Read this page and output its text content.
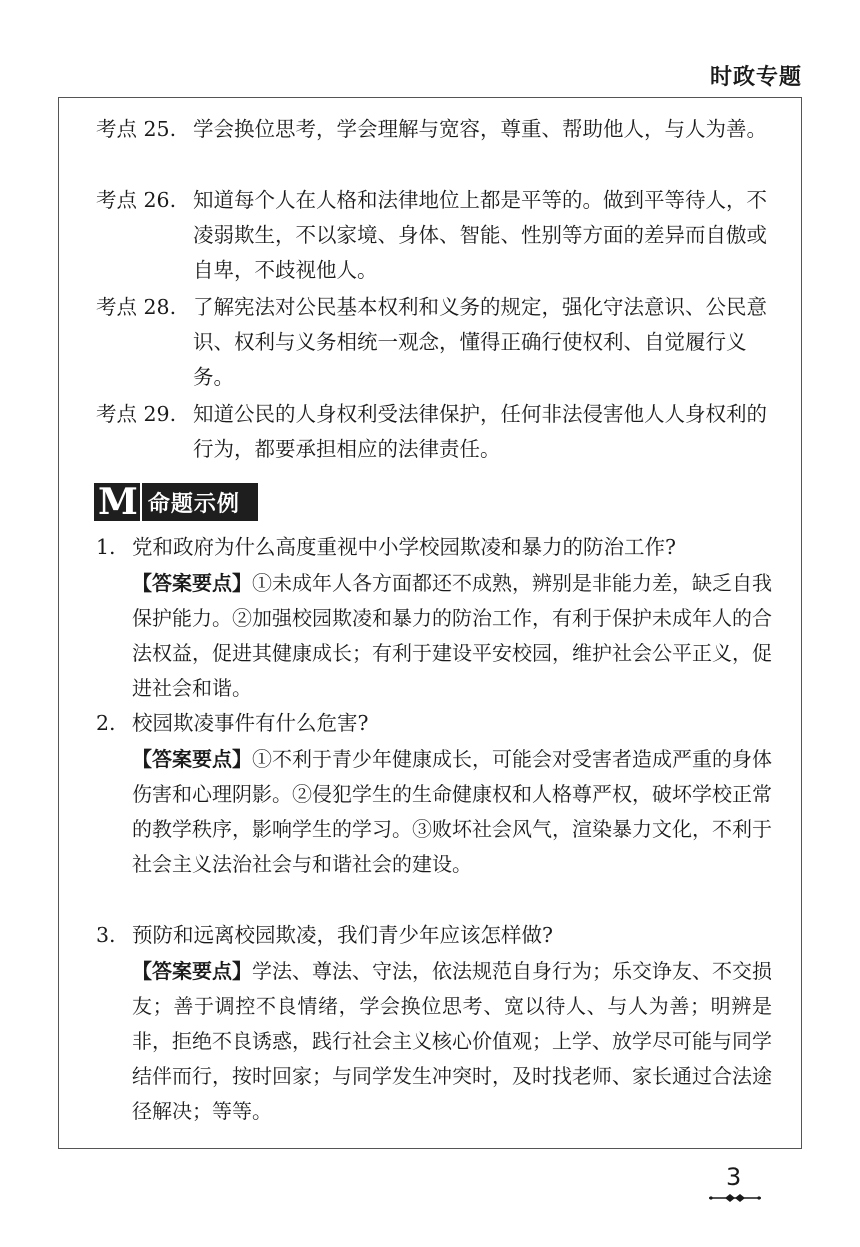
时政专题
考点 25. 学会换位思考，学会理解与宽容，尊重、帮助他人，与人为善。
考点 26. 知道每个人在人格和法律地位上都是平等的。做到平等待人，不凌弱欺生，不以家境、身体、智能、性别等方面的差异而自傲或自卑，不歧视他人。
考点 28. 了解宪法对公民基本权利和义务的规定，强化守法意识、公民意识、权利与义务相统一观念，懂得正确行使权利、自觉履行义务。
考点 29. 知道公民的人身权利受法律保护，任何非法侵害他人人身权利的行为，都要承担相应的法律责任。
M 命题示例
1. 党和政府为什么高度重视中小学校园欺凌和暴力的防治工作?
【答案要点】①未成年人各方面都还不成熟，辨别是非能力差，缺乏自我保护能力。②加强校园欺凌和暴力的防治工作，有利于保护未成年人的合法权益，促进其健康成长；有利于建设平安校园，维护社会公平正义，促进社会和谐。
2. 校园欺凌事件有什么危害?
【答案要点】①不利于青少年健康成长，可能会对受害者造成严重的身体伤害和心理阴影。②侵犯学生的生命健康权和人格尊严权，破坏学校正常的教学秩序，影响学生的学习。③败坏社会风气，渲染暴力文化，不利于社会主义法治社会与和谐社会的建设。
3. 预防和远离校园欺凌，我们青少年应该怎样做?
【答案要点】学法、尊法、守法，依法规范自身行为；乐交诤友、不交损友；善于调控不良情绪，学会换位思考、宽以待人、与人为善；明辨是非，拒绝不良诱惑，践行社会主义核心价值观；上学、放学尽可能与同学结伴而行，按时回家；与同学发生冲突时，及时找老师、家长通过合法途径解决；等等。
3
